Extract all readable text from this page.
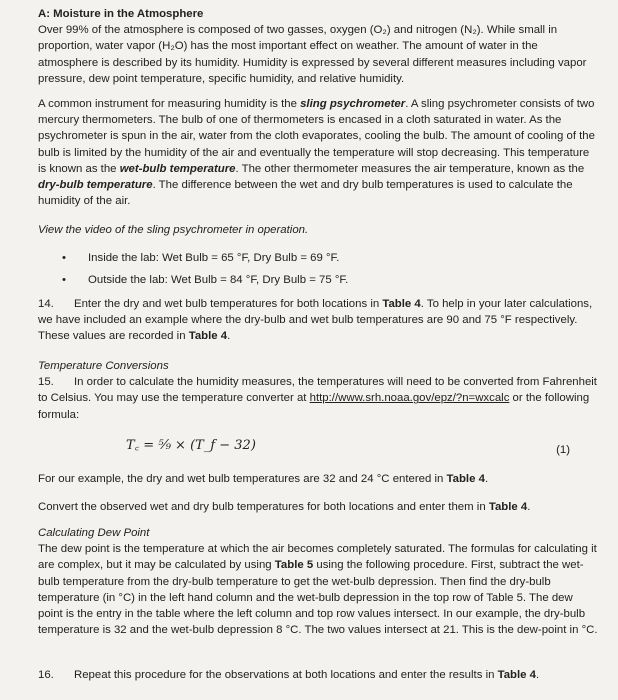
A: Moisture in the Atmosphere

Over 99% of the atmosphere is composed of two gasses, oxygen (O₂) and nitrogen (N₂). While small in proportion, water vapor (H₂O) has the most important effect on weather. The amount of water in the atmosphere is described by its humidity. Humidity is expressed by several different measures including vapor pressure, dew point temperature, specific humidity, and relative humidity.

A common instrument for measuring humidity is the sling psychrometer. A sling psychrometer consists of two mercury thermometers. The bulb of one of thermometers is encased in a cloth saturated in water. As the psychrometer is spun in the air, water from the cloth evaporates, cooling the bulb. The amount of cooling of the bulb is limited by the humidity of the air and eventually the temperature will stop decreasing. This temperature is known as the wet-bulb temperature. The other thermometer measures the air temperature, known as the dry-bulb temperature. The difference between the wet and dry bulb temperatures is used to calculate the humidity of the air.

View the video of the sling psychrometer in operation.

• Inside the lab: Wet Bulb = 65 °F, Dry Bulb = 69 °F.
• Outside the lab: Wet Bulb = 84 °F, Dry Bulb = 75 °F.

14. Enter the dry and wet bulb temperatures for both locations in Table 4. To help in your later calculations, we have included an example where the dry-bulb and wet bulb temperatures are 90 and 75 °F respectively. These values are recorded in Table 4.

Temperature Conversions

15. In order to calculate the humidity measures, the temperatures will need to be converted from Fahrenheit to Celsius. You may use the temperature converter at http://www.srh.noaa.gov/epz/?n=wxcalc or the following formula:

T꜀ = ⁵⁄₉ × (T_f − 32)	(1)

For our example, the dry and wet bulb temperatures are 32 and 24 °C entered in Table 4.

Convert the observed wet and dry bulb temperatures for both locations and enter them in Table 4.

Calculating Dew Point

The dew point is the temperature at which the air becomes completely saturated. The formulas for calculating it are complex, but it may be calculated by using Table 5 using the following procedure. First, subtract the wet-bulb temperature from the dry-bulb temperature to get the wet-bulb depression. Then find the dry-bulb temperature (in °C) in the left hand column and the wet-bulb depression in the top row of Table 5. The dew point is the entry in the table where the left column and top row values intersect. In our example, the dry-bulb temperature is 32 and the wet-bulb depression 8 °C. The two values intersect at 21. This is the dew-point in °C.

16. Repeat this procedure for the observations at both locations and enter the results in Table 4.
